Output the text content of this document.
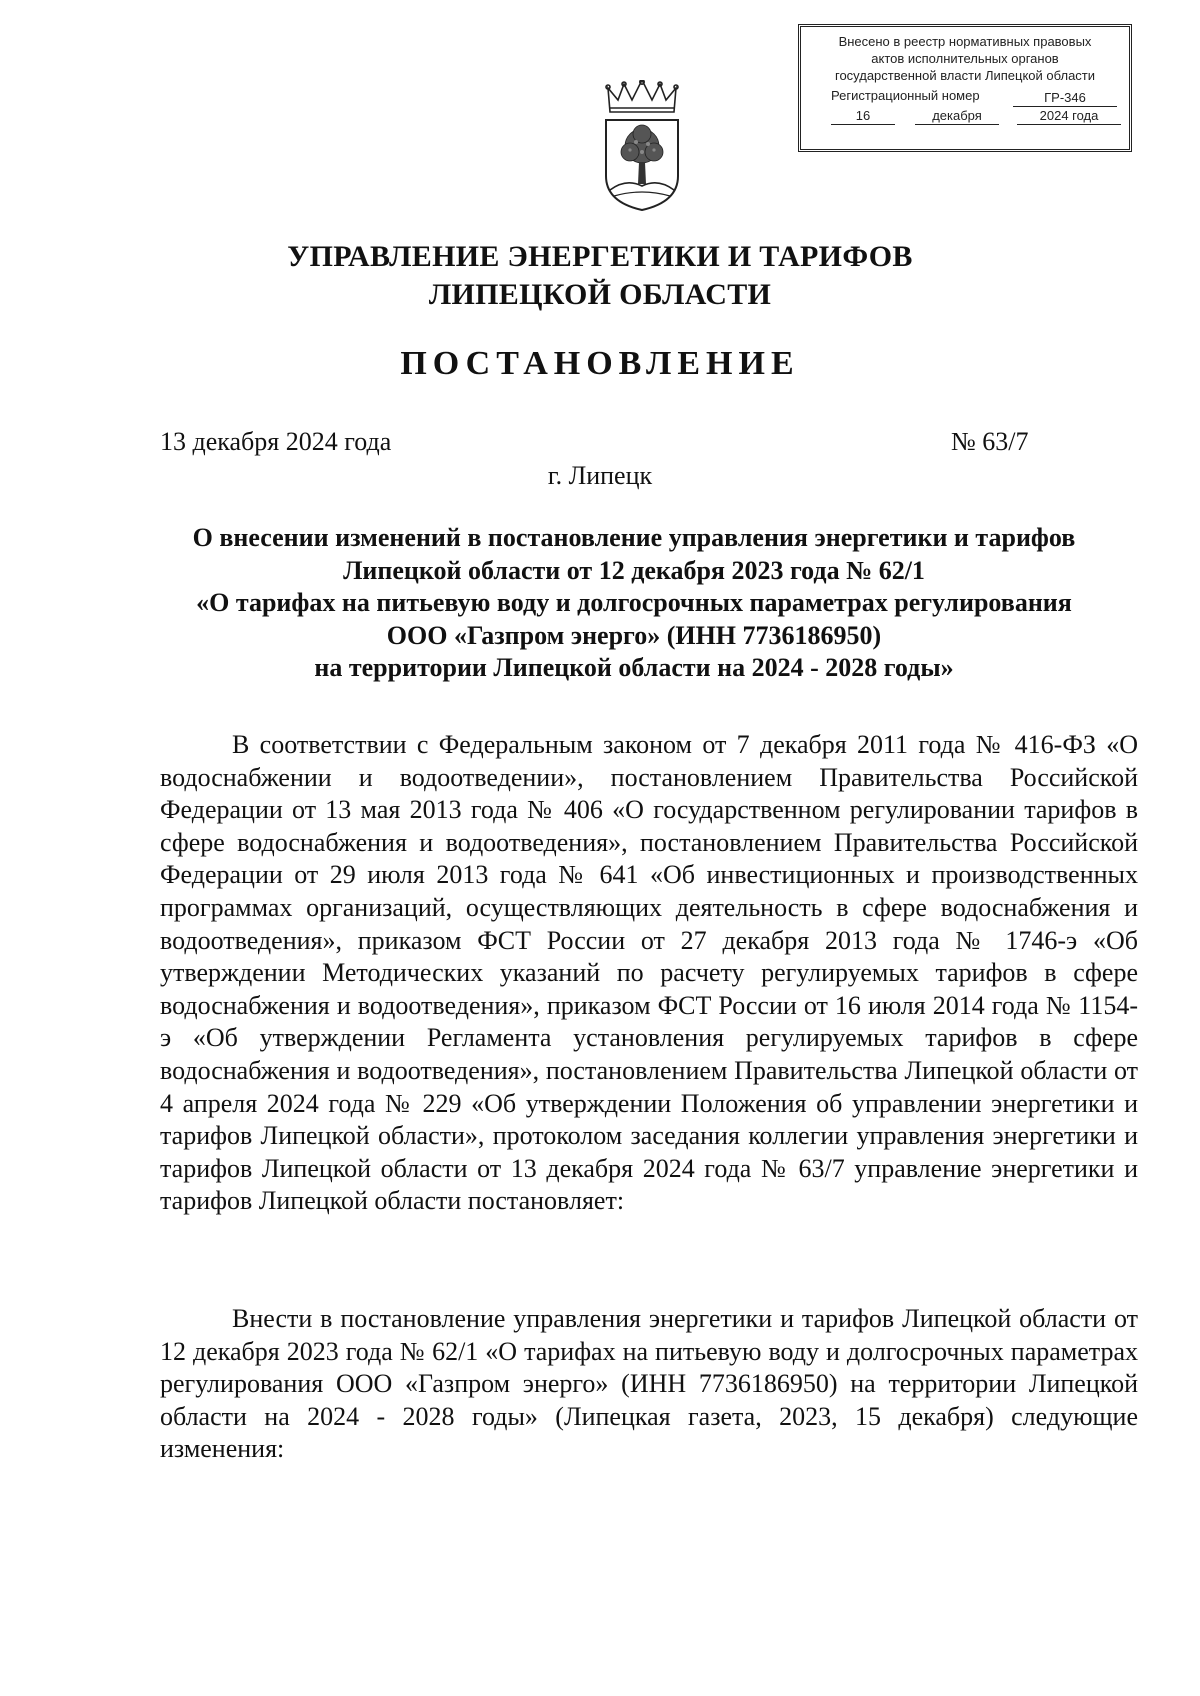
Внесено в реестр нормативных правовых
актов исполнительных органов
государственной власти Липецкой области
Регистрационный номер	ГР-346
16	декабря	2024 года
УПРАВЛЕНИЕ ЭНЕРГЕТИКИ И ТАРИФОВ
ЛИПЕЦКОЙ ОБЛАСТИ
ПОСТАНОВЛЕНИЕ
13 декабря 2024 года	№ 63/7
г. Липецк
О внесении изменений в постановление управления энергетики и тарифов
Липецкой области от 12 декабря 2023 года № 62/1
«О тарифах на питьевую воду и долгосрочных параметрах регулирования
ООО «Газпром энерго» (ИНН 7736186950)
на территории Липецкой области на 2024 - 2028 годы»
В соответствии с Федеральным законом от 7 декабря 2011 года № 416-ФЗ «О водоснабжении и водоотведении», постановлением Правительства Российской Федерации от 13 мая 2013 года № 406 «О государственном регулировании тарифов в сфере водоснабжения и водоотведения», постановлением Правительства Российской Федерации от 29 июля 2013 года № 641 «Об инвестиционных и производственных программах организаций, осуществляющих деятельность в сфере водоснабжения и водоотведения», приказом ФСТ России от 27 декабря 2013 года № 1746-э «Об утверждении Методических указаний по расчету регулируемых тарифов в сфере водоснабжения и водоотведения», приказом ФСТ России от 16 июля 2014 года № 1154-э «Об утверждении Регламента установления регулируемых тарифов в сфере водоснабжения и водоотведения», постановлением Правительства Липецкой области от 4 апреля 2024 года № 229 «Об утверждении Положения об управлении энергетики и тарифов Липецкой области», протоколом заседания коллегии управления энергетики и тарифов Липецкой области от 13 декабря 2024 года № 63/7 управление энергетики и тарифов Липецкой области постановляет:
Внести в постановление управления энергетики и тарифов Липецкой области от 12 декабря 2023 года № 62/1 «О тарифах на питьевую воду и долгосрочных параметрах регулирования ООО «Газпром энерго» (ИНН 7736186950) на территории Липецкой области на 2024 - 2028 годы» (Липецкая газета, 2023, 15 декабря) следующие изменения:
